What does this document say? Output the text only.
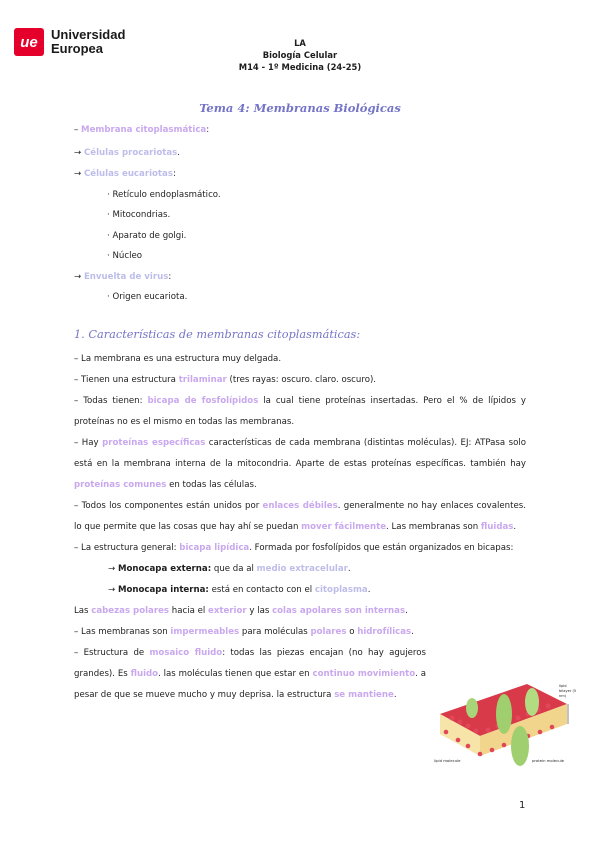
ue	Universidad
Europea	LA
Biología Celular
M14 - 1º Medicina (24-25)
Tema 4: Membranas Biológicas
– Membrana citoplasmática:
→ Células procariotas.
→ Células eucariotas:
· Retículo endoplasmático.
· Mitocondrias.
· Aparato de golgi.
· Núcleo
→ Envuelta de virus:
· Origen eucariota.
1. Características de membranas citoplasmáticas:

– La membrana es una estructura muy delgada.

– Tienen una estructura trilaminar (tres rayas: oscuro. claro. oscuro).

– Todas tienen: bicapa de fosfolípidos la cual tiene proteínas insertadas. Pero el % de lípidos y proteínas no es el mismo en todas las membranas.

– Hay proteínas específicas características de cada membrana (distintas moléculas). EJ: ATPasa solo está en la membrana interna de la mitocondria. Aparte de estas proteínas específicas. también hay proteínas comunes en todas las células.

– Todos los componentes están unidos por enlaces débiles. generalmente no hay enlaces covalentes. lo que permite que las cosas que hay ahí se puedan mover fácilmente. Las membranas son fluidas.

– La estructura general: bicapa lipídica. Formada por fosfolípidos que están organizados en bicapas:

→ Monocapa externa: que da al medio extracelular.

→ Monocapa interna: está en contacto con el citoplasma.

Las cabezas polares hacia el exterior y las colas apolares son internas.

– Las membranas son impermeables para moléculas polares o hidrofílicas.

– Estructura de mosaico fluido: todas las piezas encajan (no hay agujeros grandes). Es fluido. las moléculas tienen que estar en continuo movimiento. a pesar de que se mueve mucho y muy deprisa. la estructura se mantiene.

lipid bilayer (5 nm)
lipid molecule	protein molecule
1
